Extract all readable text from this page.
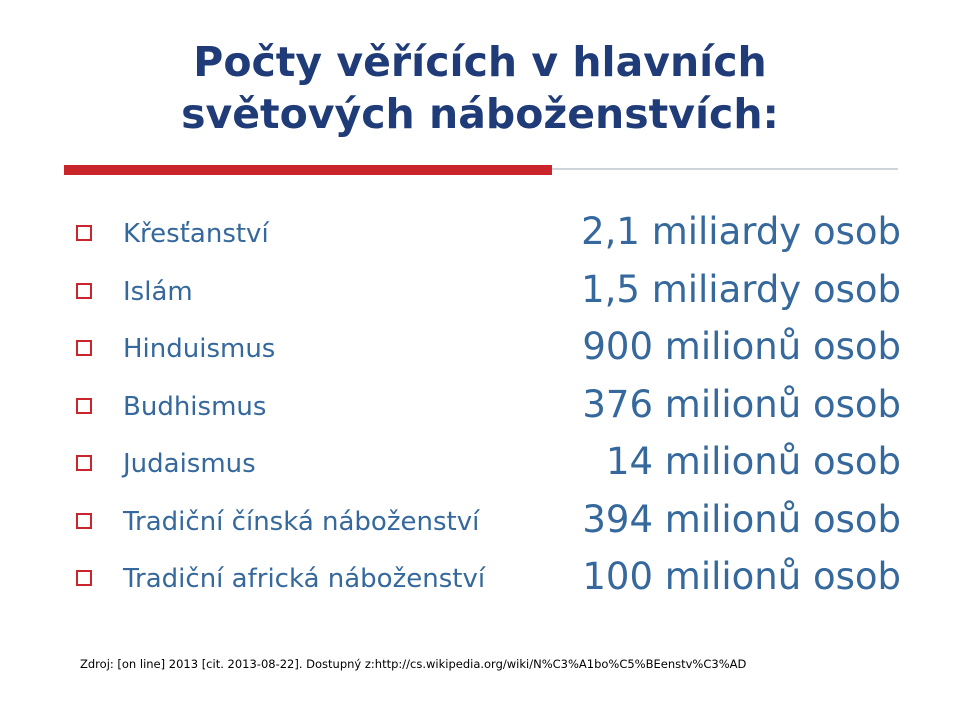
Počty věřících v hlavních
světových náboženstvích:
Křesťanství	2,1 miliardy osob
Islám	1,5 miliardy osob
Hinduismus	900 milionů osob
Budhismus	376 milionů osob
Judaismus	14 milionů osob
Tradiční čínská náboženství	394 milionů osob
Tradiční africká náboženství	100 milionů osob
Zdroj: [on line] 2013 [cit. 2013-08-22]. Dostupný z:http://cs.wikipedia.org/wiki/N%C3%A1bo%C5%BEenstv%C3%AD
